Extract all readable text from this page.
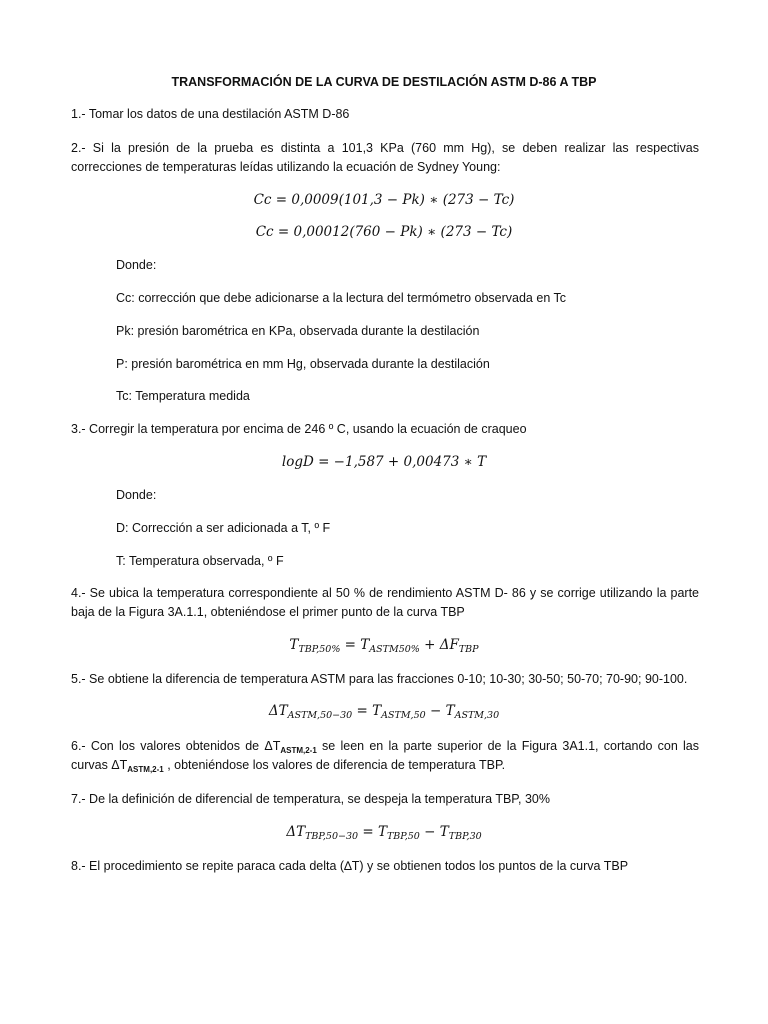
TRANSFORMACIÓN DE LA CURVA DE DESTILACIÓN ASTM D-86 A TBP
1.- Tomar los datos de una destilación ASTM D-86
2.- Si la presión de la prueba es distinta a 101,3 KPa (760 mm Hg), se deben realizar las respectivas correcciones de temperaturas leídas utilizando la ecuación de Sydney Young:
Cc = 0,0009(101,3 − Pk) ∗ (273 − Tc)
Cc = 0,00012(760 − Pk) ∗ (273 − Tc)
Donde:
Cc: corrección que debe adicionarse a la lectura del termómetro observada en Tc
Pk: presión barométrica en KPa, observada durante la destilación
P: presión barométrica en mm Hg, observada durante la destilación
Tc: Temperatura medida
3.- Corregir la temperatura por encima de 246 º C, usando la ecuación de craqueo
logD = −1,587 + 0,00473 ∗ T
Donde:
D: Corrección a ser adicionada a T, º F
T: Temperatura observada, º F
4.- Se ubica la temperatura correspondiente al 50 % de rendimiento ASTM D- 86 y se corrige utilizando la parte baja de la Figura 3A.1.1, obteniéndose el primer punto de la curva TBP
$T_{TBP,50\%} = T_{ASTM50\%} + \Delta F_{TBP}$
5.- Se obtiene la diferencia de temperatura ASTM para las fracciones 0-10; 10-30; 30-50; 50-70; 70-90; 90-100.
$\Delta T_{ASTM,50-30} = T_{ASTM,50} - T_{ASTM,30}$
6.- Con los valores obtenidos de $\Delta T_{ASTM,2-1}$ se leen en la parte superior de la Figura 3A1.1, cortando con las curvas $\Delta T_{ASTM,2-1}$ , obteniéndose los valores de diferencia de temperatura TBP.
7.- De la definición de diferencial de temperatura, se despeja la temperatura TBP, 30%
$\Delta T_{TBP,50-30} = T_{TBP,50} - T_{TBP,30}$
8.- El procedimiento se repite paraca cada delta (∆T) y se obtienen todos los puntos de la curva TBP
